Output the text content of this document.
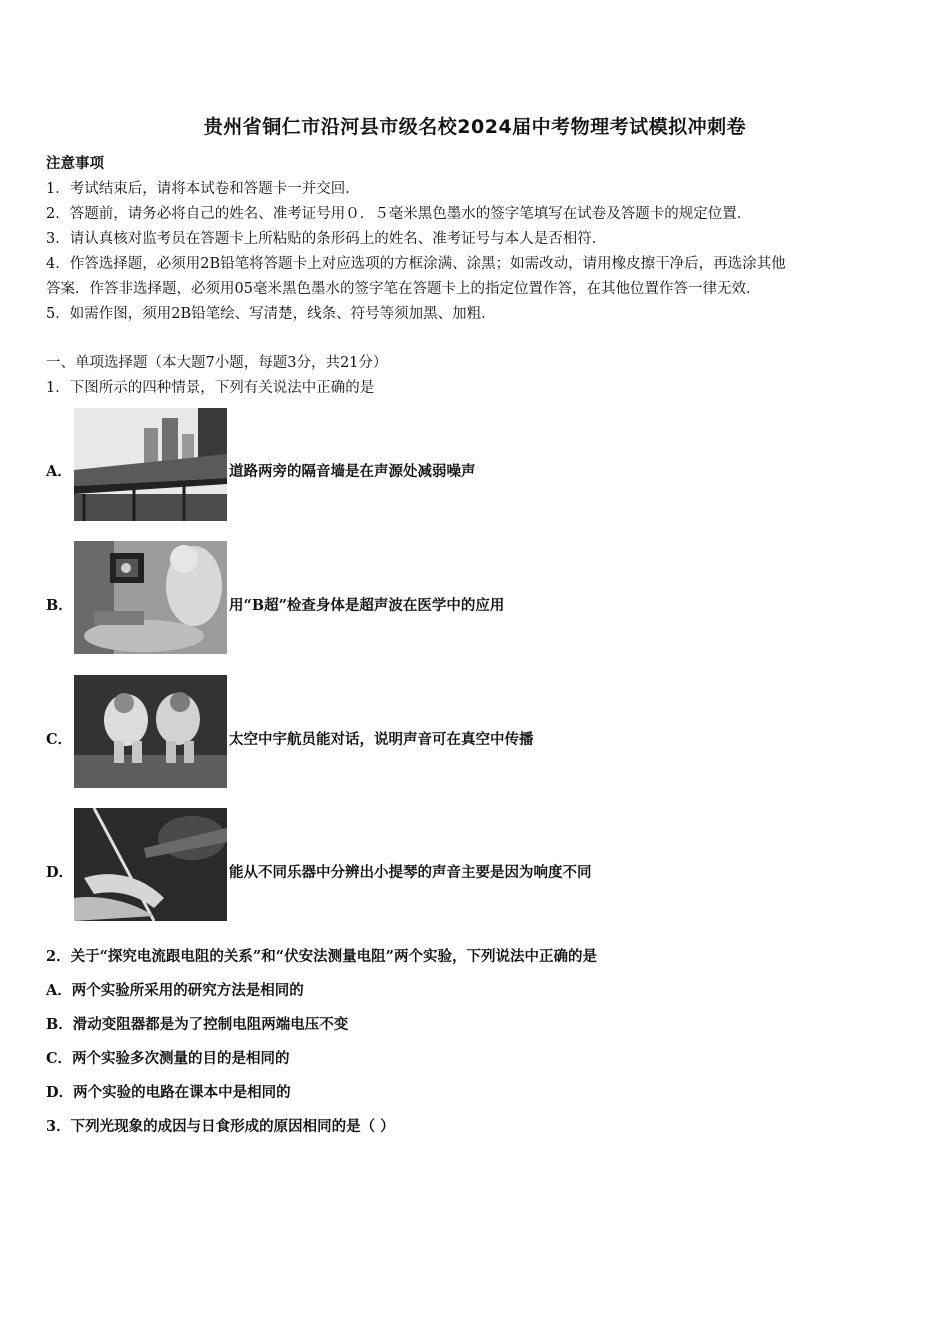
贵州省铜仁市沿河县市级名校2024届中考物理考试模拟冲刺卷
注意事项
1．考试结束后，请将本试卷和答题卡一并交回．
2．答题前，请务必将自己的姓名、准考证号用０．５毫米黑色墨水的签字笔填写在试卷及答题卡的规定位置．
3．请认真核对监考员在答题卡上所粘贴的条形码上的姓名、准考证号与本人是否相符．
4．作答选择题，必须用2B铅笔将答题卡上对应选项的方框涂满、涂黑；如需改动，请用橡皮擦干净后，再选涂其他
答案．作答非选择题，必须用05毫米黑色墨水的签字笔在答题卡上的指定位置作答，在其他位置作答一律无效．
5．如需作图，须用2B铅笔绘、写清楚，线条、符号等须加黑、加粗．
一、单项选择题（本大题7小题，每题3分，共21分）
1．下图所示的四种情景，下列有关说法中正确的是
A．	道路两旁的隔音墙是在声源处减弱噪声
B．	用“B超”检查身体是超声波在医学中的应用
C．	太空中宇航员能对话，说明声音可在真空中传播
D．	能从不同乐器中分辨出小提琴的声音主要是因为响度不同
2．关于“探究电流跟电阻的关系”和“伏安法测量电阻”两个实验，下列说法中正确的是
A．两个实验所采用的研究方法是相同的
B．滑动变阻器都是为了控制电阻两端电压不变
C．两个实验多次测量的目的是相同的
D．两个实验的电路在课本中是相同的
3．下列光现象的成因与日食形成的原因相同的是（ ）
